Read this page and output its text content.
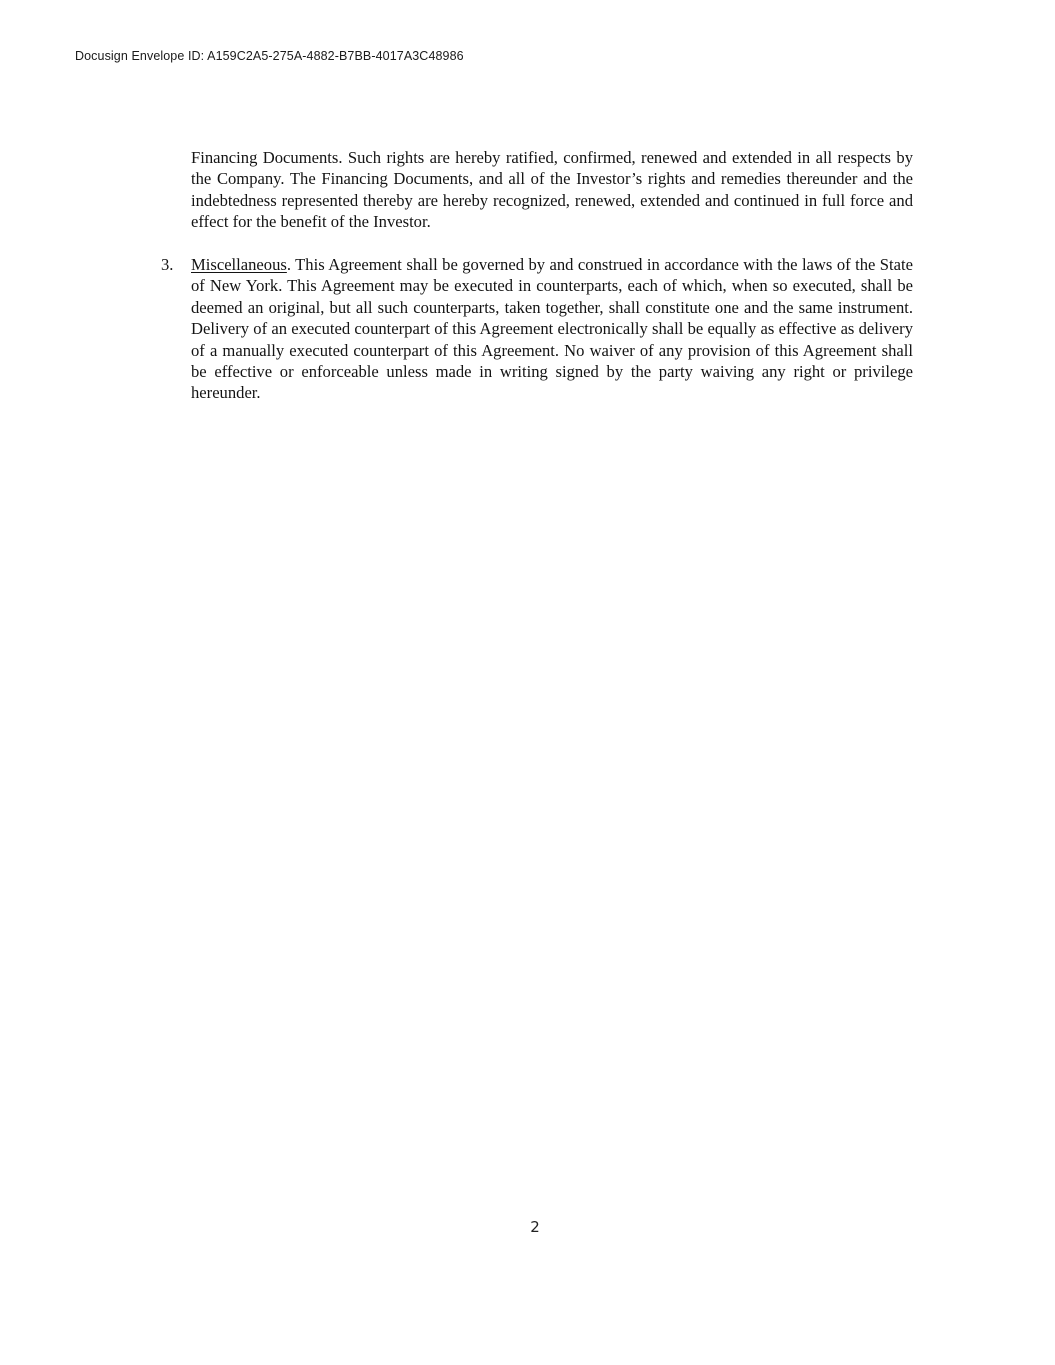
Docusign Envelope ID: A159C2A5-275A-4882-B7BB-4017A3C48986
Financing Documents. Such rights are hereby ratified, confirmed, renewed and extended in all respects by the Company. The Financing Documents, and all of the Investor’s rights and remedies thereunder and the indebtedness represented thereby are hereby recognized, renewed, extended and continued in full force and effect for the benefit of the Investor.
3.	Miscellaneous. This Agreement shall be governed by and construed in accordance with the laws of the State of New York. This Agreement may be executed in counterparts, each of which, when so executed, shall be deemed an original, but all such counterparts, taken together, shall constitute one and the same instrument. Delivery of an executed counterpart of this Agreement electronically shall be equally as effective as delivery of a manually executed counterpart of this Agreement. No waiver of any provision of this Agreement shall be effective or enforceable unless made in writing signed by the party waiving any right or privilege hereunder.
2
